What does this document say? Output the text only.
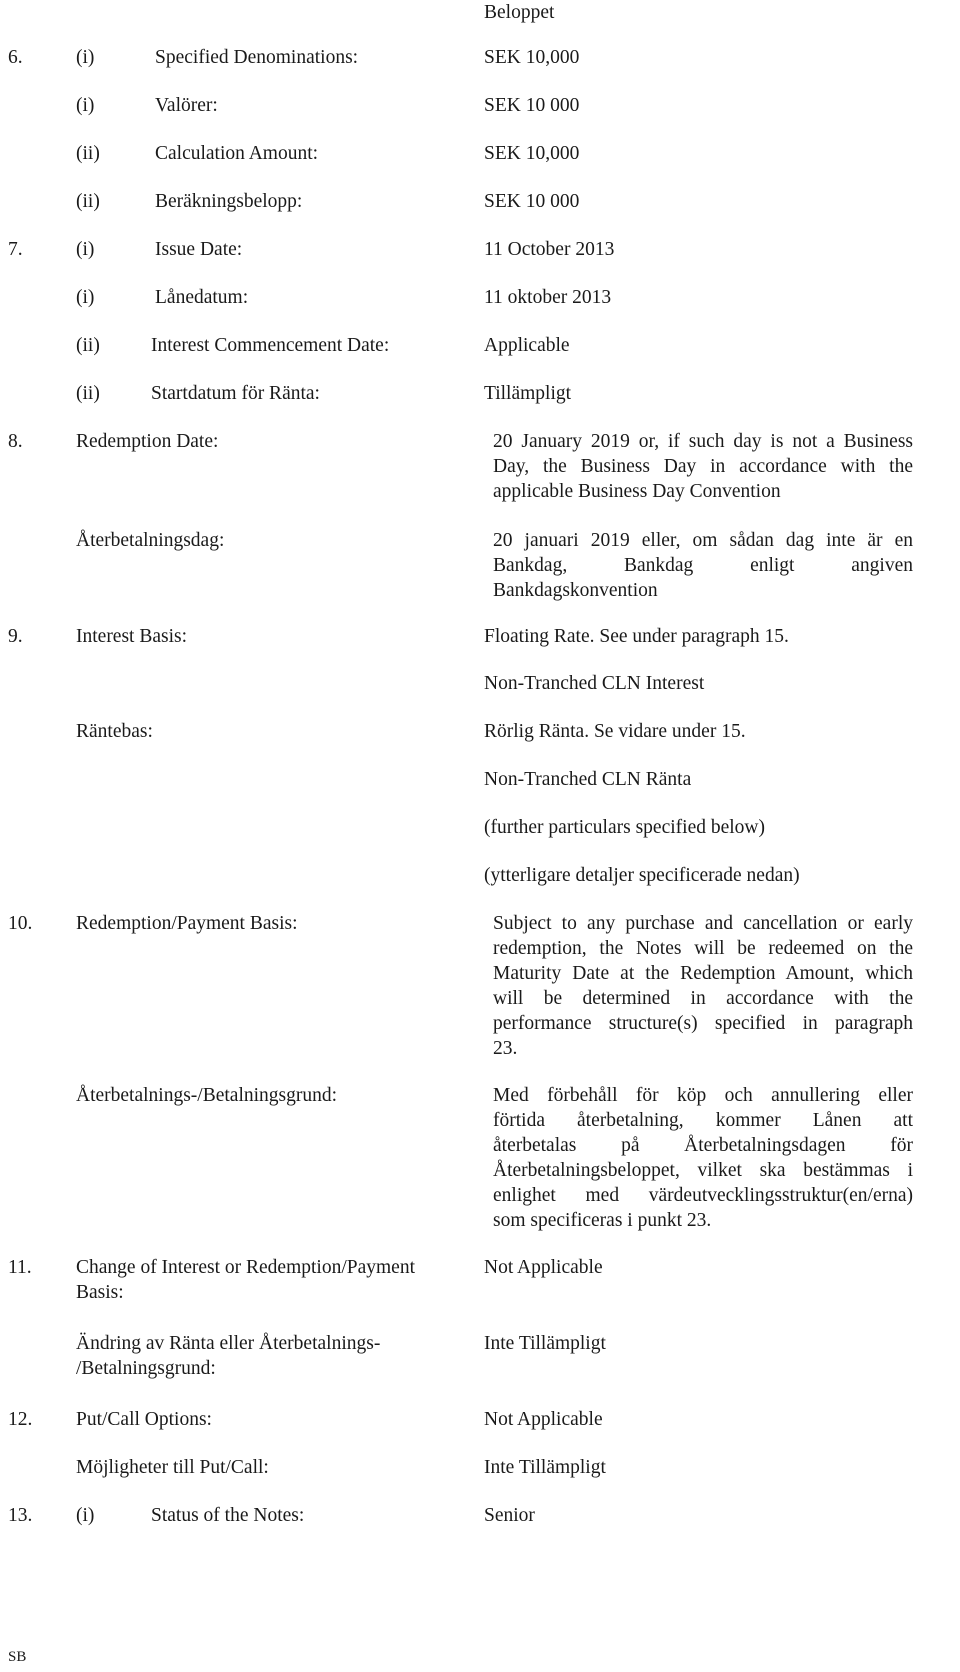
Beloppet
6.	(i)	Specified Denominations:	SEK 10,000
(i)	Valörer:	SEK 10 000
(ii)	Calculation Amount:	SEK 10,000
(ii)	Beräkningsbelopp:	SEK 10 000
7.	(i)	Issue Date:	11 October 2013
(i)	Lånedatum:	11 oktober 2013
(ii)	Interest Commencement Date:	Applicable
(ii)	Startdatum för Ränta:	Tillämpligt
8.	Redemption Date:	20 January 2019 or, if such day is not a Business
Day, the Business Day in accordance with the
applicable Business Day Convention
Återbetalningsdag:	20 januari 2019 eller, om sådan dag inte är en
Bankdag, Bankdag enligt angiven
Bankdagskonvention
9.	Interest Basis:	Floating Rate. See under paragraph 15.
Non-Tranched CLN Interest
Räntebas:	Rörlig Ränta. Se vidare under 15.
Non-Tranched CLN Ränta
(further particulars specified below)
(ytterligare detaljer specificerade nedan)
10. Redemption/Payment Basis:	Subject to any purchase and cancellation or early
redemption, the Notes will be redeemed on the
Maturity Date at the Redemption Amount, which
will be determined in accordance with the
performance structure(s) specified in paragraph
23.
Återbetalnings-/Betalningsgrund:	Med förbehåll för köp och annullering eller
förtida återbetalning, kommer Lånen att
återbetalas på Återbetalningsdagen för
Återbetalningsbeloppet, vilket ska bestämmas i
enlighet med värdeutvecklingsstruktur(en/erna)
som specificeras i punkt 23.
11. Change of Interest or Redemption/Payment
Basis:
Not Applicable
Ändring av Ränta eller Återbetalnings-
/Betalningsgrund:
Inte Tillämpligt
12. Put/Call Options:	Not Applicable
Möjligheter till Put/Call:	Inte Tillämpligt
13. (i)	Status of the Notes:	Senior
SB
